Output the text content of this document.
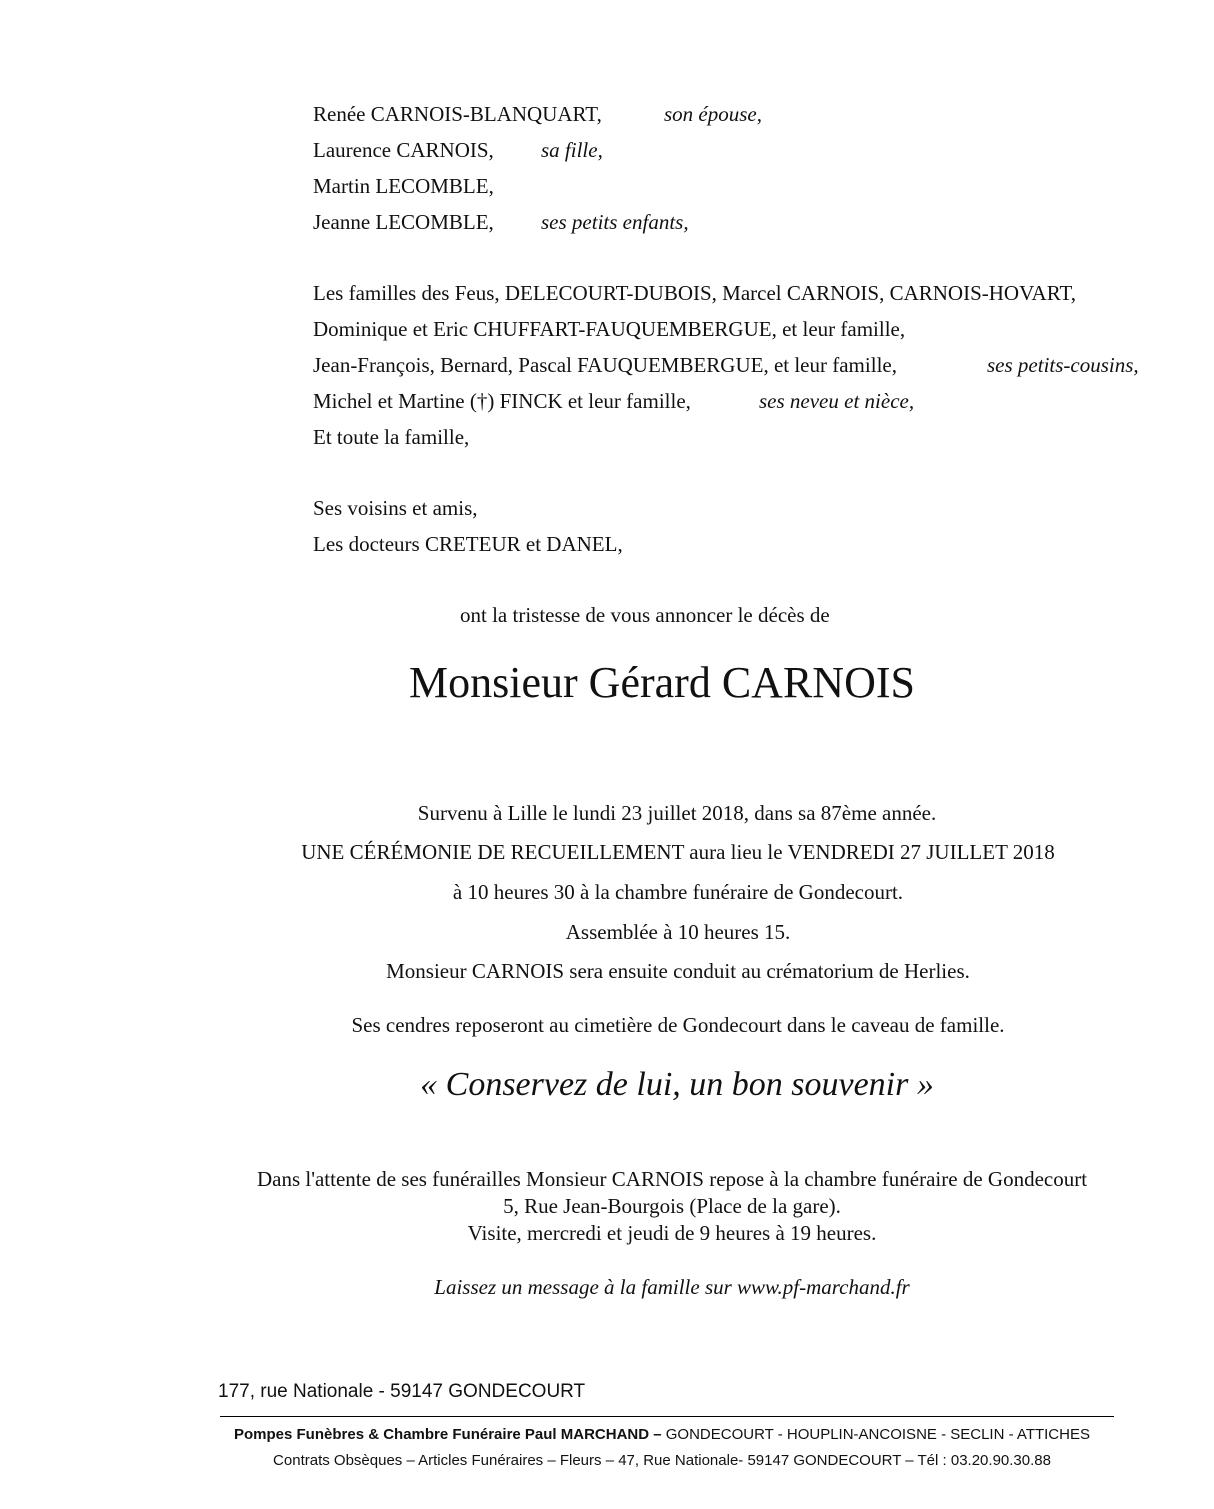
Renée CARNOIS-BLANQUART,	son épouse,
Laurence CARNOIS, sa fille,
Martin LECOMBLE,
Jeanne LECOMBLE, ses petits enfants,
Les familles des Feus, DELECOURT-DUBOIS, Marcel CARNOIS, CARNOIS-HOVART,
Dominique et Eric CHUFFART-FAUQUEMBERGUE, et leur famille,
Jean-François, Bernard, Pascal FAUQUEMBERGUE, et leur famille,	ses petits-cousins,
Michel et Martine (†) FINCK et leur famille,	ses neveu et nièce,
Et toute la famille,
Ses voisins et amis,
Les docteurs CRETEUR et DANEL,
ont la tristesse de vous annoncer le décès de
Monsieur Gérard CARNOIS
Survenu à Lille le lundi 23 juillet 2018, dans sa 87ème année.
UNE CÉRÉMONIE DE RECUEILLEMENT aura lieu le VENDREDI 27 JUILLET 2018
à 10 heures 30 à la chambre funéraire de Gondecourt.
Assemblée à 10 heures 15.
Monsieur CARNOIS sera ensuite conduit au crématorium de Herlies.
Ses cendres reposeront au cimetière de Gondecourt dans le caveau de famille.
« Conservez de lui, un bon souvenir »
Dans l'attente de ses funérailles Monsieur CARNOIS repose à la chambre funéraire de Gondecourt
5, Rue Jean-Bourgois (Place de la gare).
Visite, mercredi et jeudi de 9 heures à 19 heures.
Laissez un message à la famille sur www.pf-marchand.fr
177, rue Nationale - 59147 GONDECOURT
Pompes Funèbres & Chambre Funéraire Paul MARCHAND – GONDECOURT - HOUPLIN-ANCOISNE - SECLIN - ATTICHES
Contrats Obsèques – Articles Funéraires – Fleurs – 47, Rue Nationale- 59147 GONDECOURT – Tél : 03.20.90.30.88
